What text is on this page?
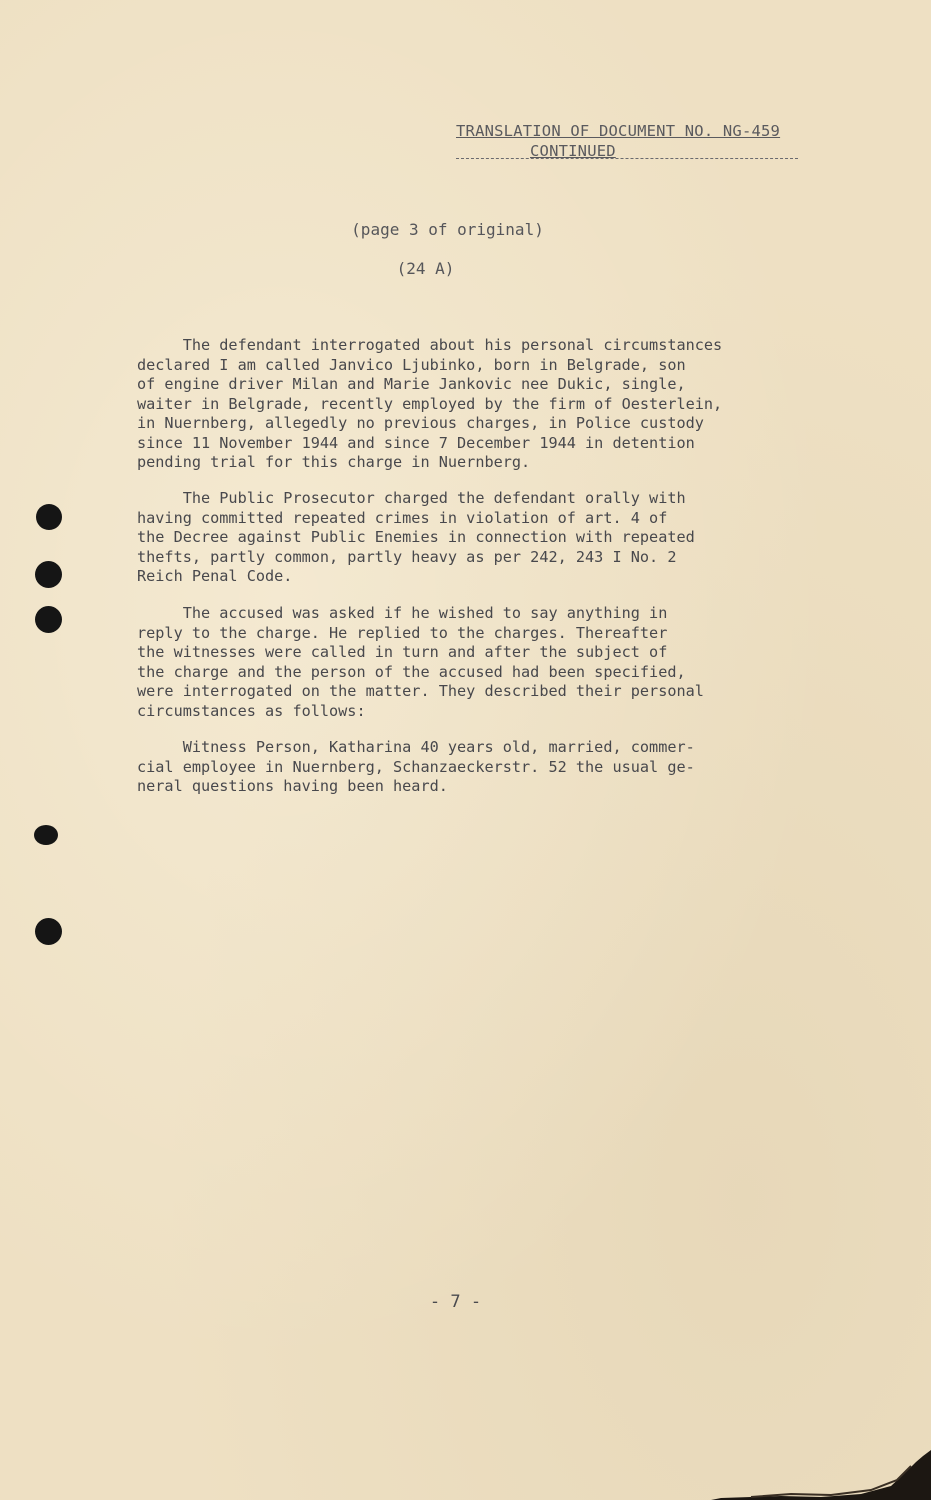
TRANSLATION OF DOCUMENT NO. NG-459
CONTINUED
(page 3 of original)
(24 A)
The defendant interrogated about his personal circumstances
declared I am called Janvico Ljubinko, born in Belgrade, son
of engine driver Milan and Marie Jankovic nee Dukic, single,
waiter in Belgrade, recently employed by the firm of Oesterlein,
in Nuernberg, allegedly no previous charges, in Police custody
since 11 November 1944 and since 7 December 1944 in detention
pending trial for this charge in Nuernberg.
The Public Prosecutor charged the defendant orally with
having committed repeated crimes in violation of art. 4 of
the Decree against Public Enemies in connection with repeated
thefts, partly common, partly heavy as per 242, 243 I No. 2
Reich Penal Code.
The accused was asked if he wished to say anything in
reply to the charge. He replied to the charges. Thereafter
the witnesses were called in turn and after the subject of
the charge and the person of the accused had been specified,
were interrogated on the matter. They described their personal
circumstances as follows:
Witness Person, Katharina 40 years old, married, commer-
cial employee in Nuernberg, Schanzaeckerstr. 52 the usual ge-
neral questions having been heard.
- 7 -
